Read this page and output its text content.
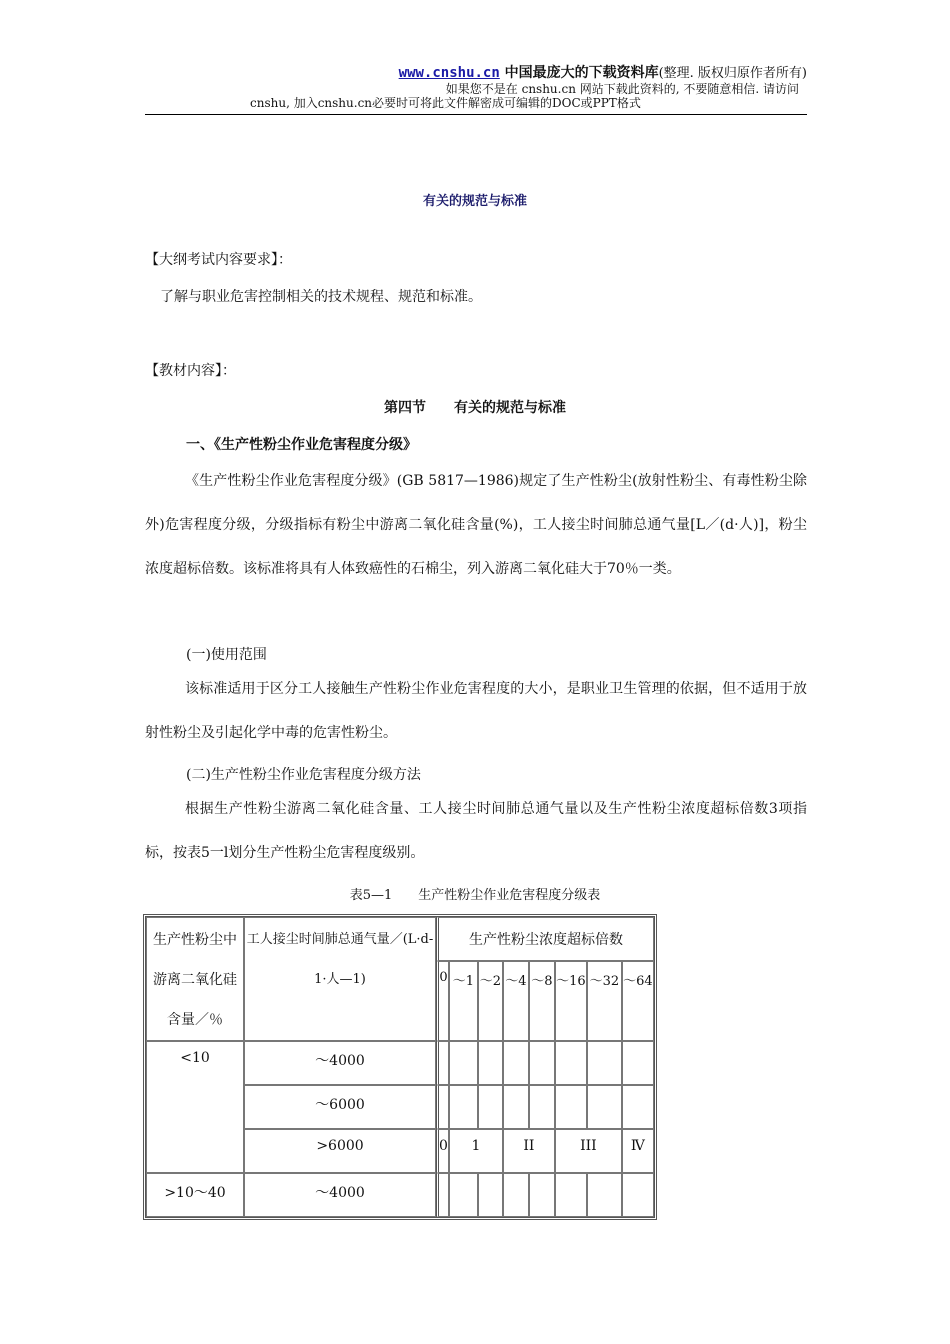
www.cnshu.cn 中国最庞大的下载资料库(整理. 版权归原作者所有)
如果您不是在 cnshu.cn 网站下载此资料的, 不要随意相信. 请访问
cnshu, 加入cnshu.cn必要时可将此文件解密成可编辑的DOC或PPT格式
有关的规范与标准
【大纲考试内容要求】：
了解与职业危害控制相关的技术规程、规范和标准。
【教材内容】：
第四节　　有关的规范与标准
一、《生产性粉尘作业危害程度分级》
《生产性粉尘作业危害程度分级》(GB 5817—1986)规定了生产性粉尘(放射性粉尘、有毒性粉尘除外)危害程度分级，分级指标有粉尘中游离二氧化硅含量(%)，工人接尘时间肺总通气量[L／(d·人)]，粉尘浓度超标倍数。该标准将具有人体致癌性的石棉尘，列入游离二氧化硅大于70％一类。
(一)使用范围
该标准适用于区分工人接触生产性粉尘作业危害程度的大小，是职业卫生管理的依据，但不适用于放射性粉尘及引起化学中毒的危害性粉尘。
(二)生产性粉尘作业危害程度分级方法
根据生产性粉尘游离二氧化硅含量、工人接尘时间肺总通气量以及生产性粉尘浓度超标倍数3项指标，按表5一l划分生产性粉尘危害程度级别。
表5—1　　生产性粉尘作业危害程度分级表
生产性粉尘中游离二氧化硅含量／％	工人接尘时间肺总通气量／(L·d-1·人—1)	生产性粉尘浓度超标倍数							
		0	～1	～2	～4	～8	～16	～32	～64
<10	～4000								
	～6000								
	>6000	0	1		II		III		Ⅳ
>10～40	～4000								
